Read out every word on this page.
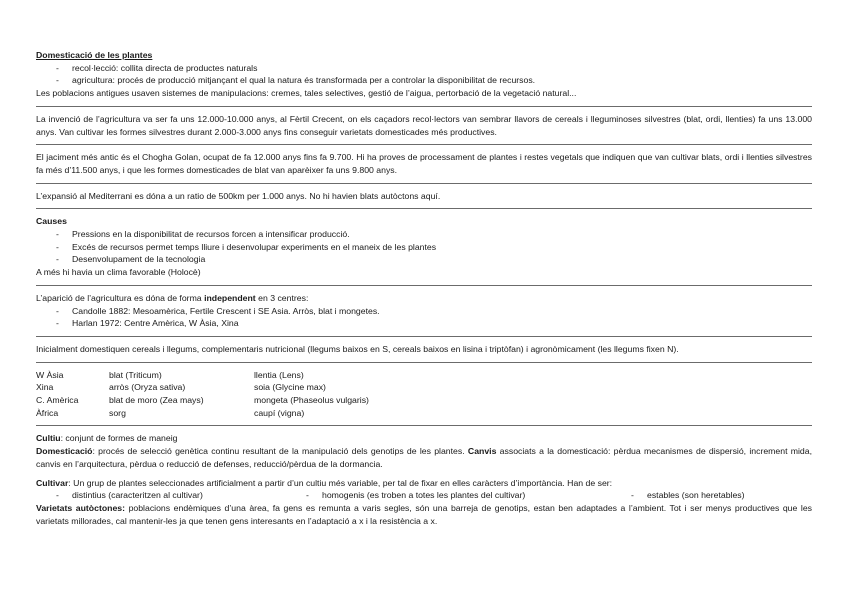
Domesticació de les plantes

- recol·lecció: collita directa de productes naturals
- agricultura: procés de producció mitjançant el qual la natura és transformada per a controlar la disponibilitat de recursos.

Les poblacions antigues usaven sistemes de manipulacions: cremes, tales selectives, gestió de l’aigua, pertorbació de la vegetació natural...

La invenció de l’agricultura va ser fa uns 12.000-10.000 anys, al Fèrtil Crecent, on els caçadors recol·lectors van sembrar llavors de cereals i lleguminoses silvestres (blat, ordi, llenties) fa uns 13.000 anys. Van cultivar les formes silvestres durant 2.000-3.000 anys fins conseguir varietats domesticades més productives.

El jaciment més antic és el Chogha Golan, ocupat de fa 12.000 anys fins fa 9.700. Hi ha proves de processament de plantes i restes vegetals que indiquen que van cultivar blats, ordi i llenties silvestres fa més d’11.500 anys, i que les formes domesticades de blat van aparèixer fa uns 9.800 anys.

L’expansió al Mediterrani es dóna a un ratio de 500km per 1.000 anys. No hi havien blats autòctons aquí.

Causes

- Pressions en la disponibilitat de recursos forcen a intensificar producció.
- Excés de recursos permet temps lliure i desenvolupar experiments en el maneix de les plantes
- Desenvolupament de la tecnologia

A més hi havia un clima favorable (Holocè)

L’aparició de l’agricultura es dóna de forma independent en 3 centres:

- Candolle 1882: Mesoamèrica, Fertile Crescent i SE Asia. Arròs, blat i mongetes.
- Harlan 1972: Centre Amèrica, W Àsia, Xina

Inicialment domestiquen cereals i llegums, complementaris nutricional (llegums baixos en S, cereals baixos en lisina i triptòfan) i agronòmicament (les llegums fixen N).

W Àsia	blat (Triticum)	llentia (Lens)
Xina	arròs (Oryza sativa)	soia (Glycine max)
C. Amèrica	blat de moro (Zea mays)	mongeta (Phaseolus vulgaris)
Àfrica	sorg	caupí (vigna)

Cultiu: conjunt de formes de maneig

Domesticació: procés de selecció genètica continu resultant de la manipulació dels genotips de les plantes. Canvis associats a la domesticació: pèrdua mecanismes de dispersió, increment mida, canvis en l’arquitectura, pèrdua o reducció de defenses, reducció/pèrdua de la dormancia.

Cultivar: Un grup de plantes seleccionades artificialment a partir d’un cultiu més variable, per tal de fixar en elles caràcters d’importància. Han de ser:

- distintius (caracteritzen al cultivar)	- homogenis (es troben a totes les plantes del cultivar)	- estables (son heretables)

Varietats autòctones: poblacions endèmiques d’una àrea, fa gens es remunta a varis segles, són una barreja de genotips, estan ben adaptades a l’ambient. Tot i ser menys productives que les varietats millorades, cal mantenir-les ja que tenen gens interesants en l’adaptació a x i la resistència a x.
